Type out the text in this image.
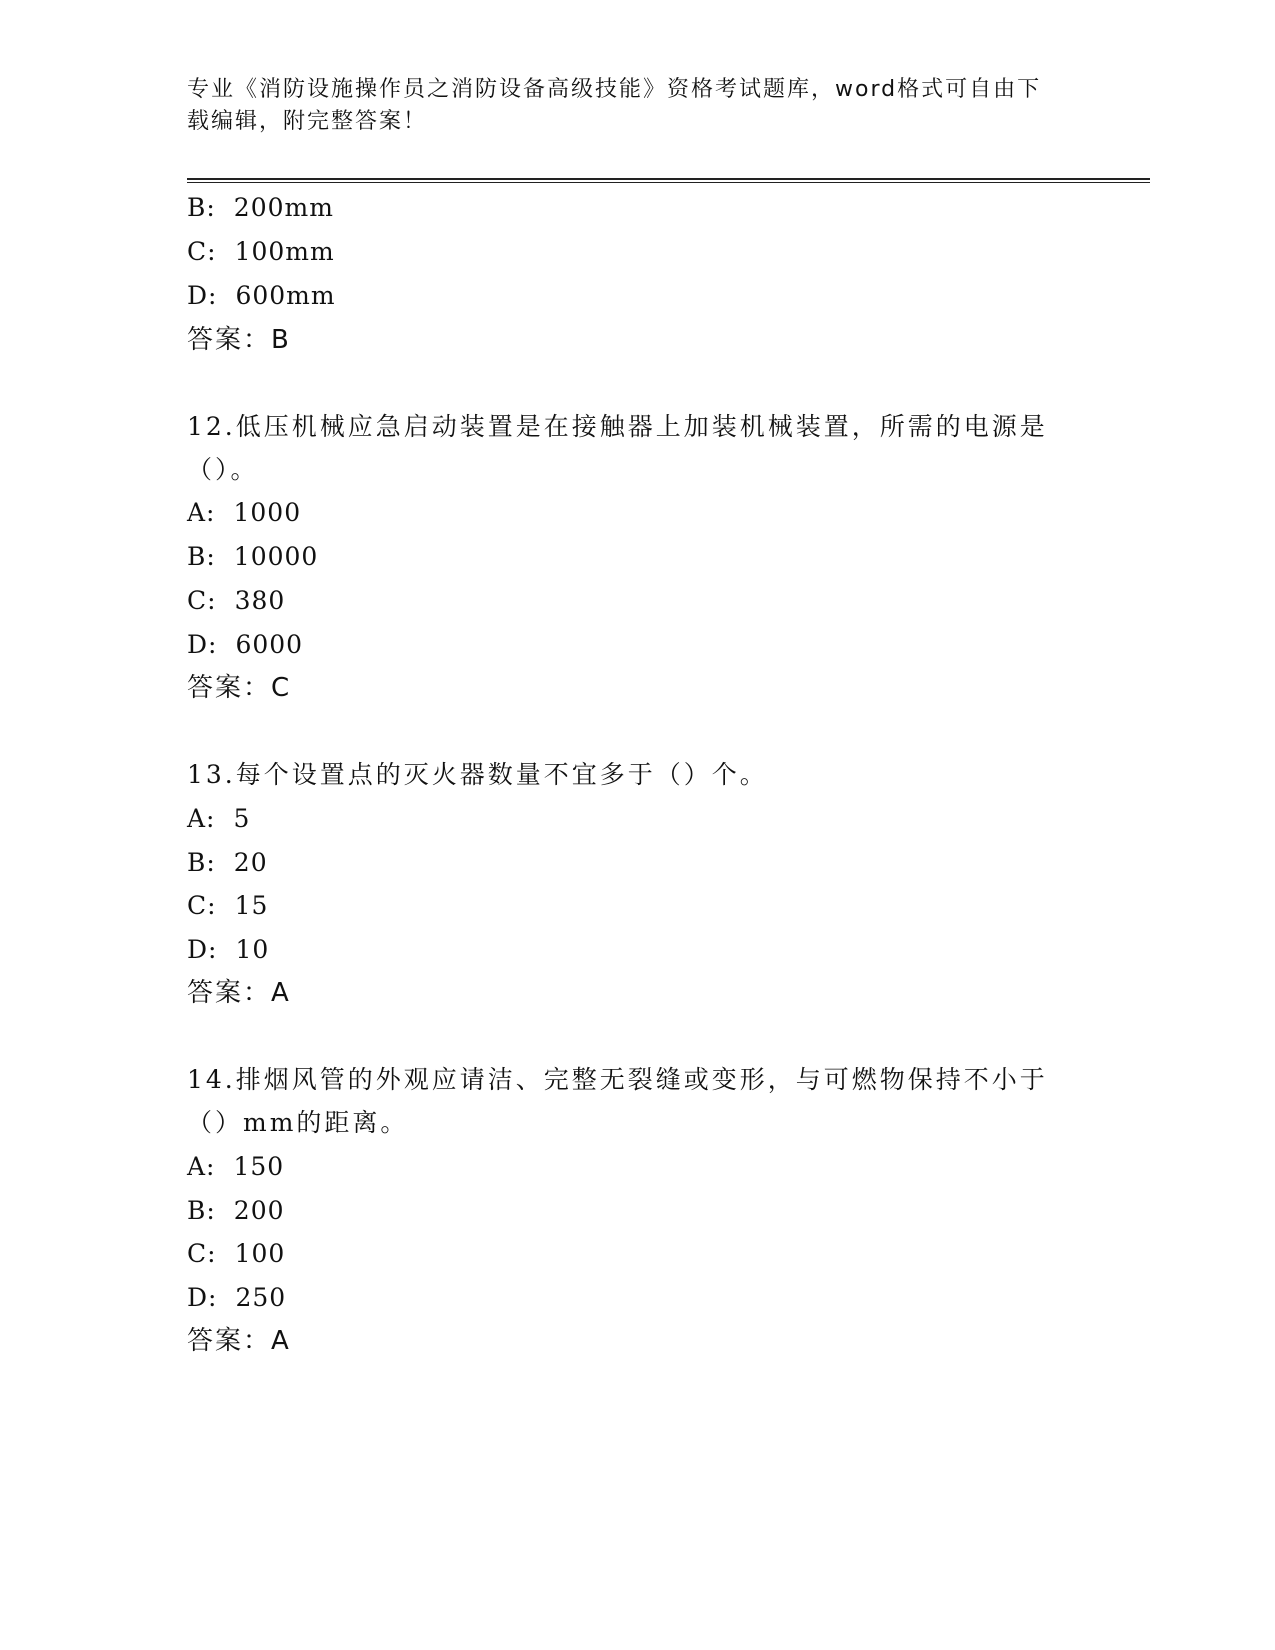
专业《消防设施操作员之消防设备高级技能》资格考试题库，word格式可自由下
载编辑，附完整答案！
B: 200mm
C: 100mm
D: 600mm
答案：B
12.低压机械应急启动装置是在接触器上加装机械装置，所需的电源是
（）。
A: 1000
B: 10000
C: 380
D: 6000
答案：C
13.每个设置点的灭火器数量不宜多于（）个。
A: 5
B: 20
C: 15
D: 10
答案：A
14.排烟风管的外观应请洁、完整无裂缝或变形，与可燃物保持不小于
（）mm的距离。
A: 150
B: 200
C: 100
D: 250
答案：A
